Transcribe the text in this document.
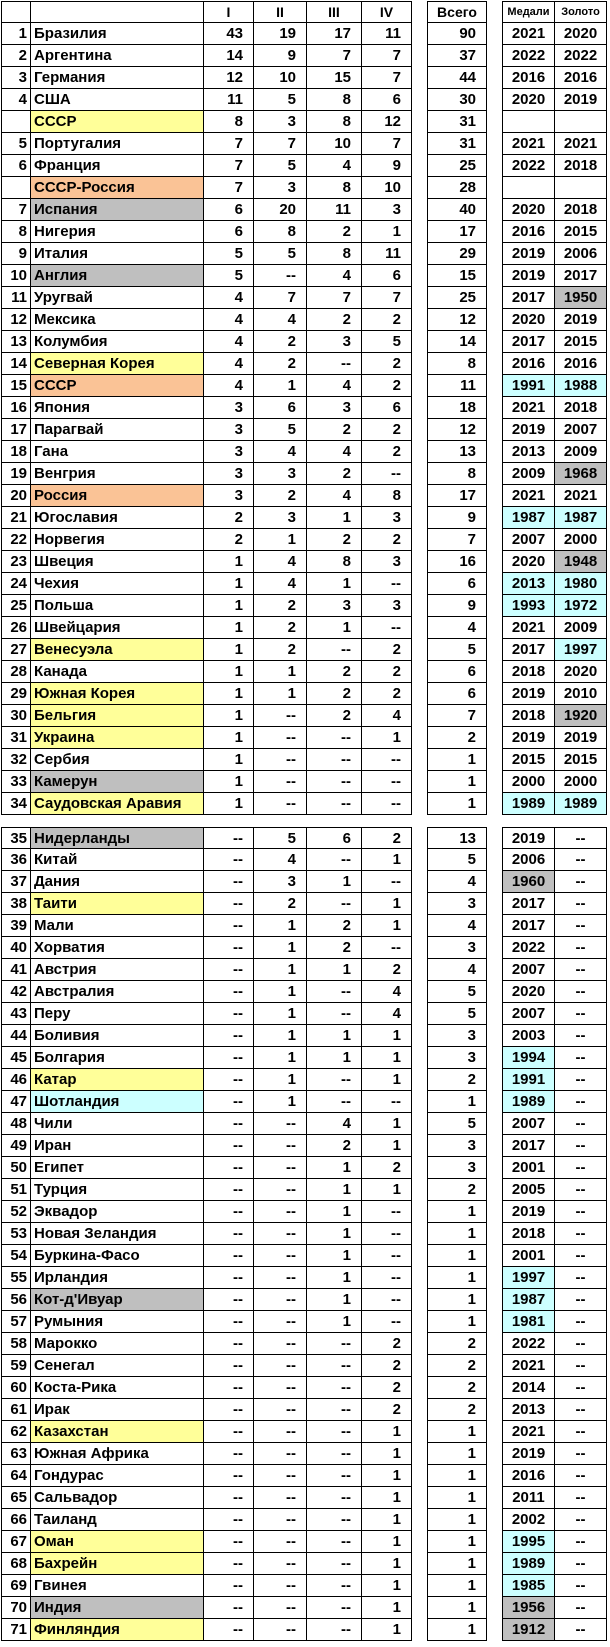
I	II	III	IV	Всего	Медали	Золото
1 Бразилия	43	19	17	11	90	2021	2020
2 Аргентина	14	9	7	7	37	2022	2022
3 Германия	12	10	15	7	44	2016	2016
4 США	11	5	8	6	30	2020	2019
СССР	8	3	8	12	31
5 Португалия	7	7	10	7	31	2021	2021
6 Франция	7	5	4	9	25	2022	2018
СССР-Россия	7	3	8	10	28
7 Испания	6	20	11	3	40	2020	2018
8 Нигерия	6	8	2	1	17	2016	2015
9 Италия	5	5	8	11	29	2019	2006
10 Англия	5	--	4	6	15	2019	2017
11 Уругвай	4	7	7	7	25	2017	1950
12 Мексика	4	4	2	2	12	2020	2019
13 Колумбия	4	2	3	5	14	2017	2015
14 Северная Корея	4	2	--	2	8	2016	2016
15 СССР	4	1	4	2	11	1991	1988
16 Япония	3	6	3	6	18	2021	2018
17 Парагвай	3	5	2	2	12	2019	2007
18 Гана	3	4	4	2	13	2013	2009
19 Венгрия	3	3	2	--	8	2009	1968
20 Россия	3	2	4	8	17	2021	2021
21 Югославия	2	3	1	3	9	1987	1987
22 Норвегия	2	1	2	2	7	2007	2000
23 Швеция	1	4	8	3	16	2020	1948
24 Чехия	1	4	1	--	6	2013	1980
25 Польша	1	2	3	3	9	1993	1972
26 Швейцария	1	2	1	--	4	2021	2009
27 Венесуэла	1	2	--	2	5	2017	1997
28 Канада	1	1	2	2	6	2018	2020
29 Южная Корея	1	1	2	2	6	2019	2010
30 Бельгия	1	--	2	4	7	2018	1920
31 Украина	1	--	--	1	2	2019	2019
32 Сербия	1	--	--	--	1	2015	2015
33 Камерун	1	--	--	--	1	2000	2000
34 Саудовская Аравия	1	--	--	--	1	1989	1989
35 Нидерланды	--	5	6	2	13	2019	--
36 Китай	--	4	--	1	5	2006	--
37 Дания	--	3	1	--	4	1960	--
38 Таити	--	2	--	1	3	2017	--
39 Мали	--	1	2	1	4	2017	--
40 Хорватия	--	1	2	--	3	2022	--
41 Австрия	--	1	1	2	4	2007	--
42 Австралия	--	1	--	4	5	2020	--
43 Перу	--	1	--	4	5	2007	--
44 Боливия	--	1	1	1	3	2003	--
45 Болгария	--	1	1	1	3	1994	--
46 Катар	--	1	--	1	2	1991	--
47 Шотландия	--	1	--	--	1	1989	--
48 Чили	--	--	4	1	5	2007	--
49 Иран	--	--	2	1	3	2017	--
50 Египет	--	--	1	2	3	2001	--
51 Турция	--	--	1	1	2	2005	--
52 Эквадор	--	--	1	--	1	2019	--
53 Новая Зеландия	--	--	1	--	1	2018	--
54 Буркина-Фасо	--	--	1	--	1	2001	--
55 Ирландия	--	--	1	--	1	1997	--
56 Кот-д'Ивуар	--	--	1	--	1	1987	--
57 Румыния	--	--	1	--	1	1981	--
58 Марокко	--	--	--	2	2	2022	--
59 Сенегал	--	--	--	2	2	2021	--
60 Коста-Рика	--	--	--	2	2	2014	--
61 Ирак	--	--	--	2	2	2013	--
62 Казахстан	--	--	--	1	1	2021	--
63 Южная Африка	--	--	--	1	1	2019	--
64 Гондурас	--	--	--	1	1	2016	--
65 Сальвадор	--	--	--	1	1	2011	--
66 Таиланд	--	--	--	1	1	2002	--
67 Оман	--	--	--	1	1	1995	--
68 Бахрейн	--	--	--	1	1	1989	--
69 Гвинея	--	--	--	1	1	1985	--
70 Индия	--	--	--	1	1	1956	--
71 Финляндия	--	--	--	1	1	1912	--
